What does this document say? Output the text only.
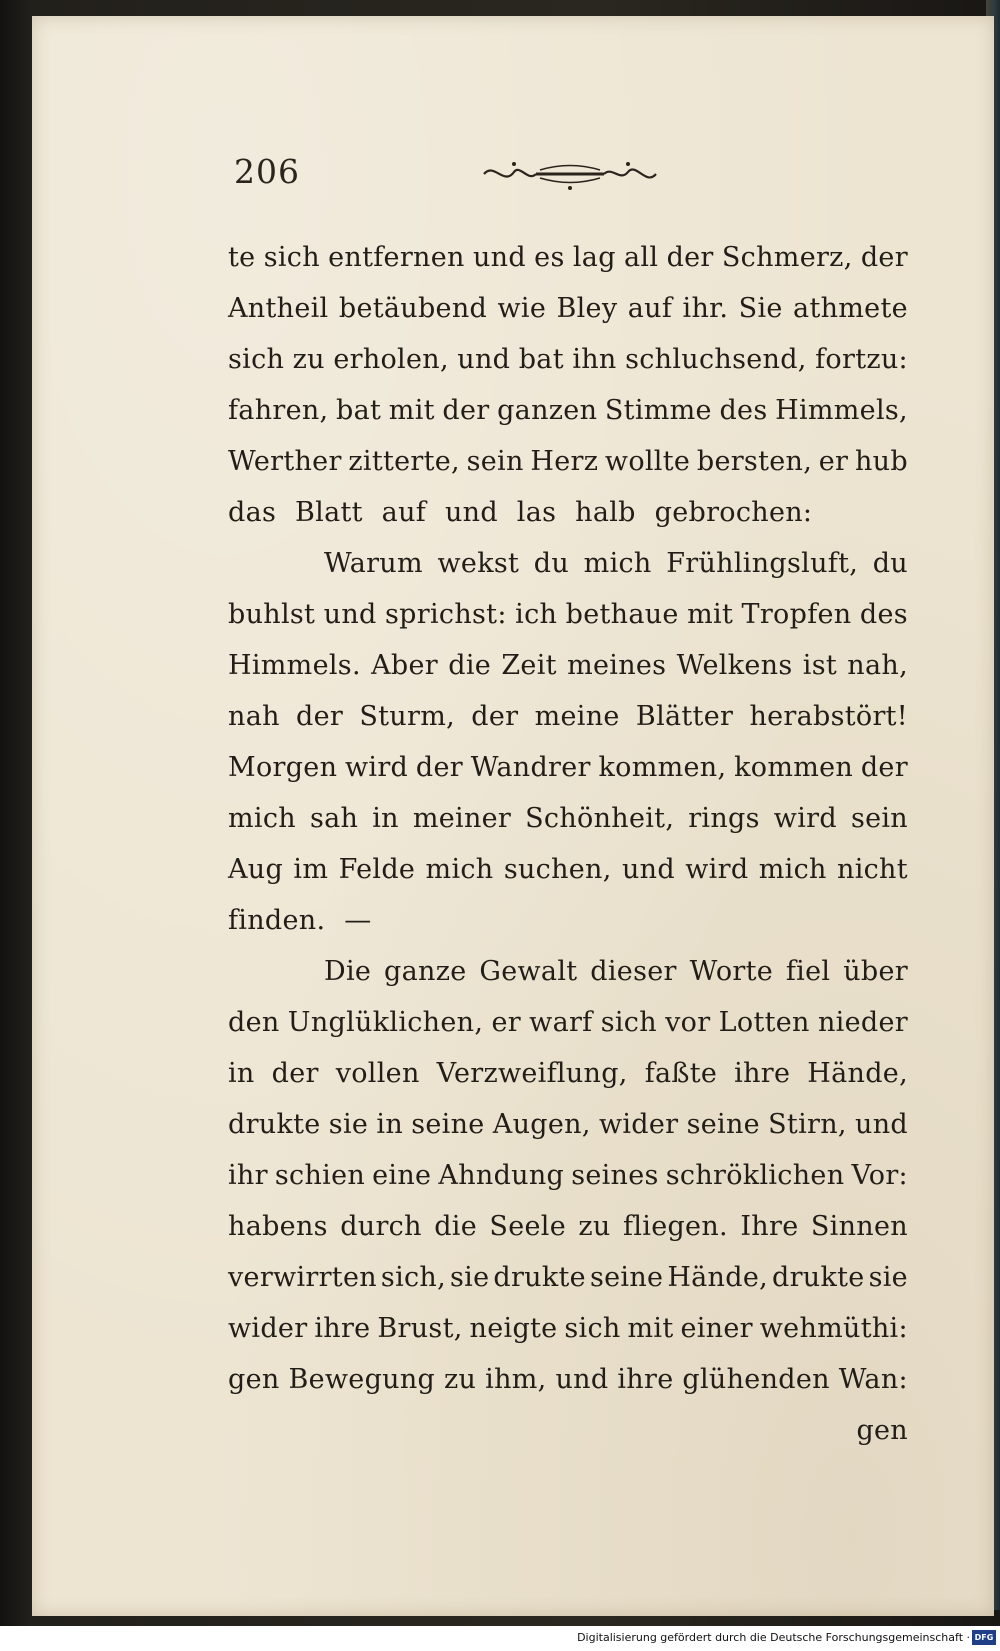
206
te sich entfernen und es lag all der Schmerz, der
Antheil betäubend wie Bley auf ihr. Sie athmete
sich zu erholen, und bat ihn schluchsend, fortzu:
fahren, bat mit der ganzen Stimme des Himmels,
Werther zitterte, sein Herz wollte bersten, er hub
das Blatt auf und las halb gebrochen:
Warum wekst du mich Frühlingsluft, du
buhlst und sprichst: ich bethaue mit Tropfen des
Himmels. Aber die Zeit meines Welkens ist nah,
nah der Sturm, der meine Blätter herabstört!
Morgen wird der Wandrer kommen, kommen der
mich sah in meiner Schönheit, rings wird sein
Aug im Felde mich suchen, und wird mich nicht
finden. —
Die ganze Gewalt dieser Worte fiel über
den Unglüklichen, er warf sich vor Lotten nieder
in der vollen Verzweiflung, faßte ihre Hände,
drukte sie in seine Augen, wider seine Stirn, und
ihr schien eine Ahndung seines schröklichen Vor:
habens durch die Seele zu fliegen. Ihre Sinnen
verwirrten sich, sie drukte seine Hände, drukte sie
wider ihre Brust, neigte sich mit einer wehmüthi:
gen Bewegung zu ihm, und ihre glühenden Wan:
gen
Digitalisierung gefördert durch die Deutsche Forschungsgemeinschaft · DFG
